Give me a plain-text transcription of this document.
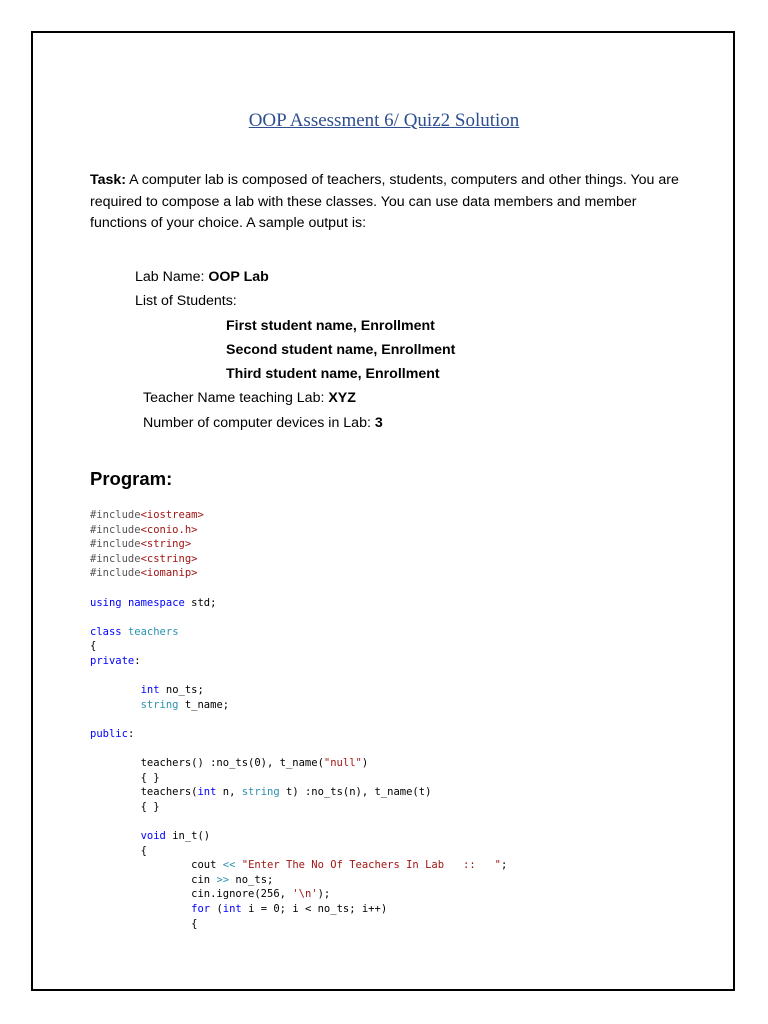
OOP Assessment 6/ Quiz2 Solution
Task: A computer lab is composed of teachers, students, computers and other things. You are required to compose a lab with these classes. You can use data members and member functions of your choice. A sample output is:
Lab Name: OOP Lab
List of Students:
First student name, Enrollment
Second student name, Enrollment
Third student name, Enrollment
Teacher Name teaching Lab: XYZ
Number of computer devices in Lab: 3
Program:
#include<iostream>
#include<conio.h>
#include<string>
#include<cstring>
#include<iomanip>

using namespace std;

class teachers
{
private:

int no_ts;
string t_name;

public:

teachers() :no_ts(0), t_name("null")
{ }
teachers(int n, string t) :no_ts(n), t_name(t)
{ }

void in_t()
{
cout << "Enter The No Of Teachers In Lab   ::   ";
cin >> no_ts;
cin.ignore(256, '\n');
for (int i = 0; i < no_ts; i++)
{
